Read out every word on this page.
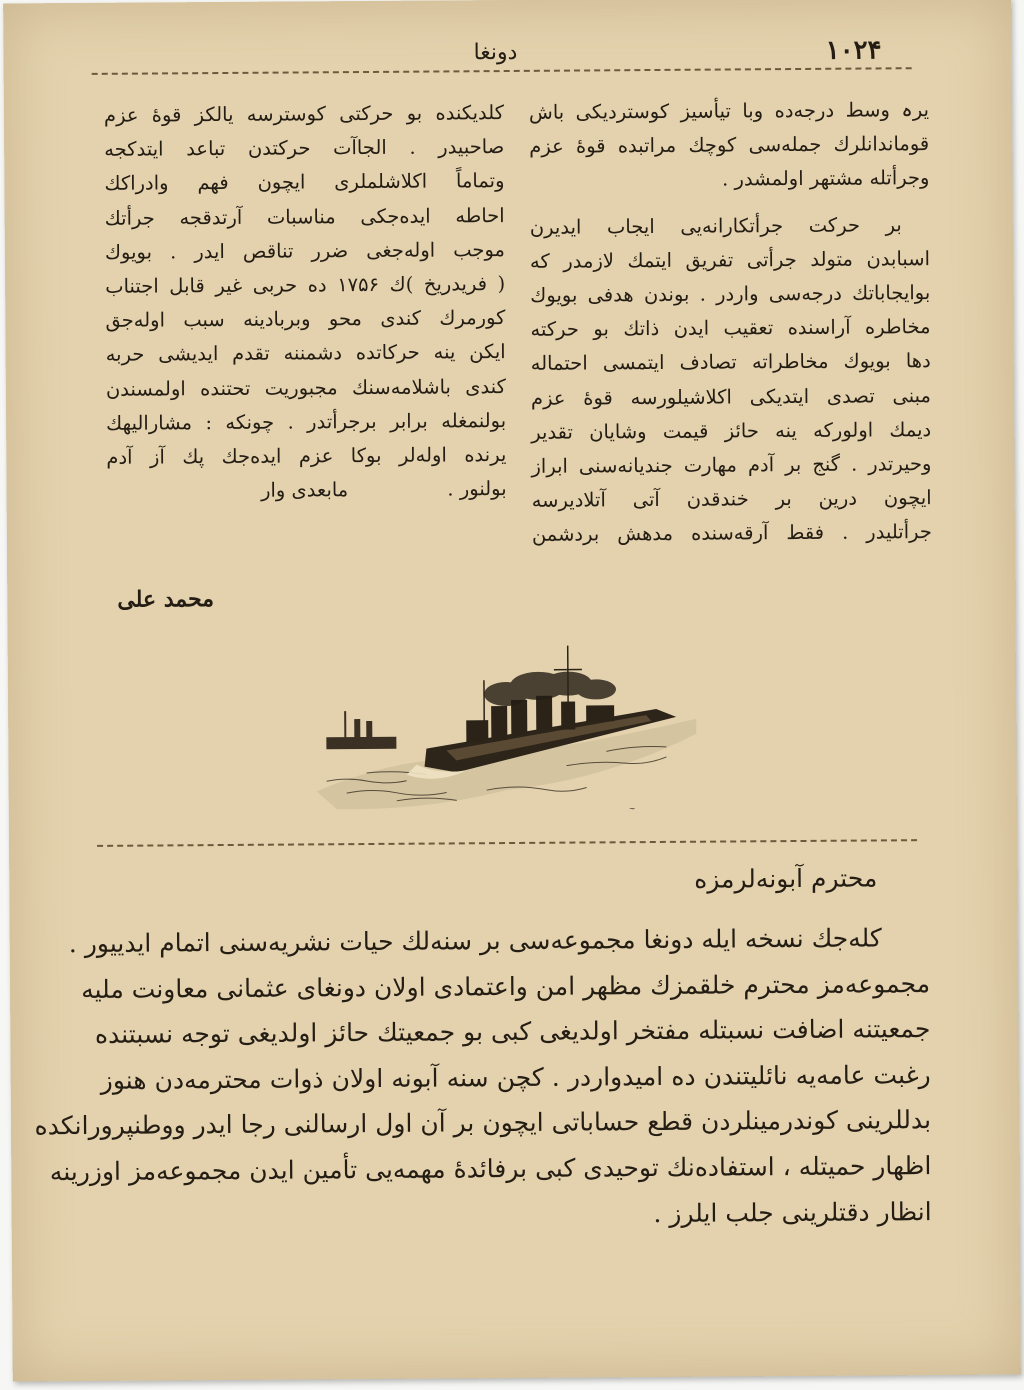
۱۰۲۴
دونغا
یرہ وسط درجەدە وبا تیأسیز کوستردیکی باش
قوماندانلرك جملەسی کوچك مراتبدە قوۀ عزم
وجرأتلە مشتهر اولمشدر .
بر حرکت جرأتکارانەیی ایجاب ایدیرن
اسبابدن متولد جرأتی تفریق ایتمك لازمدر کە
بوایجاباتك درجەسی واردر . بوندن هدفی بویوك
مخاطرە آراسندە تعقیب ایدن ذاتك بو حرکتە
دها بویوك مخاطراتە تصادف ایتمسی احتمالە
مبنی تصدی ایتدیکی اکلاشیلورسە قوۀ عزم
دیمك اولورکە ینە حائز قیمت وشایان تقدیر
وحیرتدر . گنج بر آدم مهارت جندیانەسنی ابراز
ایچون درین بر خندقدن آتی آتلادیرسە
جرأتلیدر . فقط آرقەسندە مدهش بردشمن
کلدیکندە بو حرکتی کوسترسە یالکز قوۀ عزم
صاحبیدر . الجاآت حرکتدن تباعد ایتدکجە
وتماماً اکلاشلملری ایچون فهم وادراکك
احاطە ایدەجکی مناسبات آرتدقجە جرأتك
موجب اولەجغی ضرر تناقص ایدر . بویوك
( فریدریخ )ك ۱۷۵۶ دە حربی غیر قابل اجتناب
کورمرك کندی محو وبربادینە سبب اولەجق
ایکن ینە حرکاتدە دشمننە تقدم ایدیشی حربە
کندی باشلامەسنك مجبوریت تحتندە اولمسندن
بولنمغلە برابر برجرأتدر . چونکە : مشارالیهك
یرندە اولەلر بوکا عزم ایدەجك پك آز آدم
بولنور .                مابعدی وار
محمد علی
~
محترم آبونەلرمزە
کلەجك نسخە ایلە دونغا مجموعەسی بر سنەلك حیات نشریەسنی اتمام ایدییور .
مجموعەمز محترم خلقمزك مظهر امن واعتمادی اولان دونغای عثمانی معاونت ملیە
جمعیتنە اضافت نسبتلە مفتخر اولدیغی کبی بو جمعیتك حائز اولدیغی توجە نسبتندە
رغبت عامەیە نائلیتندن دە امیدواردر . کچن سنە آبونە اولان ذوات محترمەدن هنوز
بدللرینی کوندرمینلردن قطع حساباتی ایچون بر آن اول ارسالنی رجا ایدر ووطنپرورانكدە
اظهار حمیتلە ، استفادەنك توحیدی کبی برفائدۀ مهمەیی تأمین ایدن مجموعەمز اوزرینە
انظار دقتلرینی جلب ایلرز .
